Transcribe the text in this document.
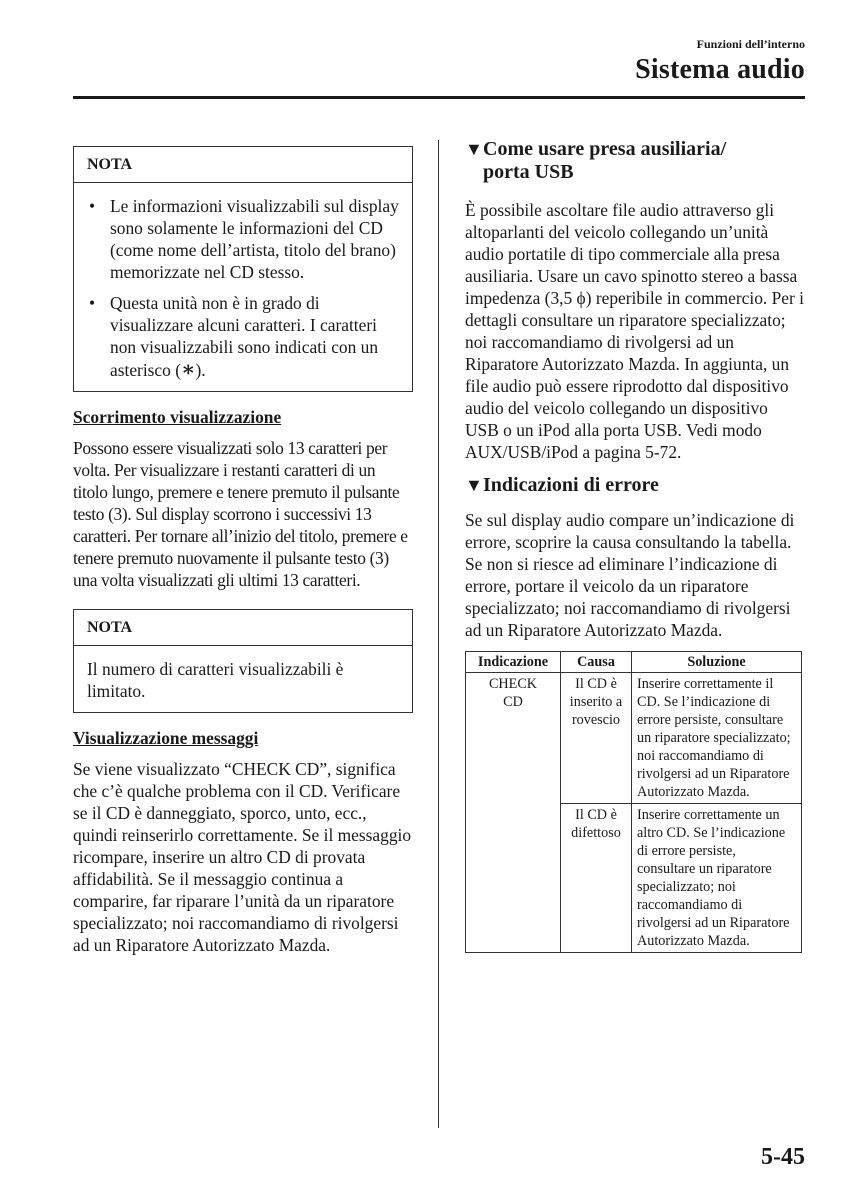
Funzioni dell’interno
Sistema audio
NOTA
• Le informazioni visualizzabili sul display sono solamente le informazioni del CD (come nome dell’artista, titolo del brano) memorizzate nel CD stesso.
• Questa unità non è in grado di visualizzare alcuni caratteri. I caratteri non visualizzabili sono indicati con un asterisco (∗).

Scorrimento visualizzazione

Possono essere visualizzati solo 13 caratteri per volta. Per visualizzare i restanti caratteri di un titolo lungo, premere e tenere premuto il pulsante testo (3). Sul display scorrono i successivi 13 caratteri. Per tornare all’inizio del titolo, premere e tenere premuto nuovamente il pulsante testo (3) una volta visualizzati gli ultimi 13 caratteri.

NOTA
Il numero di caratteri visualizzabili è limitato.

Visualizzazione messaggi

Se viene visualizzato “CHECK CD”, significa che c’è qualche problema con il CD. Verificare se il CD è danneggiato, sporco, unto, ecc., quindi reinserirlo correttamente. Se il messaggio ricompare, inserire un altro CD di provata affidabilità. Se il messaggio continua a comparire, far riparare l’unità da un riparatore specializzato; noi raccomandiamo di rivolgersi ad un Riparatore Autorizzato Mazda.

▼ Come usare presa ausiliaria/
porta USB

È possibile ascoltare file audio attraverso gli altoparlanti del veicolo collegando un’unità audio portatile di tipo commerciale alla presa ausiliaria. Usare un cavo spinotto stereo a bassa impedenza (3,5 ϕ) reperibile in commercio. Per i dettagli consultare un riparatore specializzato; noi raccomandiamo di rivolgersi ad un Riparatore Autorizzato Mazda. In aggiunta, un file audio può essere riprodotto dal dispositivo audio del veicolo collegando un dispositivo USB o un iPod alla porta USB. Vedi modo AUX/USB/iPod a pagina 5-72.

▼ Indicazioni di errore

Se sul display audio compare un’indicazione di errore, scoprire la causa consultando la tabella. Se non si riesce ad eliminare l’indicazione di errore, portare il veicolo da un riparatore specializzato; noi raccomandiamo di rivolgersi ad un Riparatore Autorizzato Mazda.

Indicazione	Causa	Soluzione
CHECK CD	Il CD è inserito a rovescio	Inserire correttamente il CD. Se l’indicazione di errore persiste, consultare un riparatore specializzato; noi raccomandiamo di rivolgersi ad un Riparatore Autorizzato Mazda.
	Il CD è difettoso	Inserire correttamente un altro CD. Se l’indicazione di errore persiste, consultare un riparatore specializzato; noi raccomandiamo di rivolgersi ad un Riparatore Autorizzato Mazda.
5-45
